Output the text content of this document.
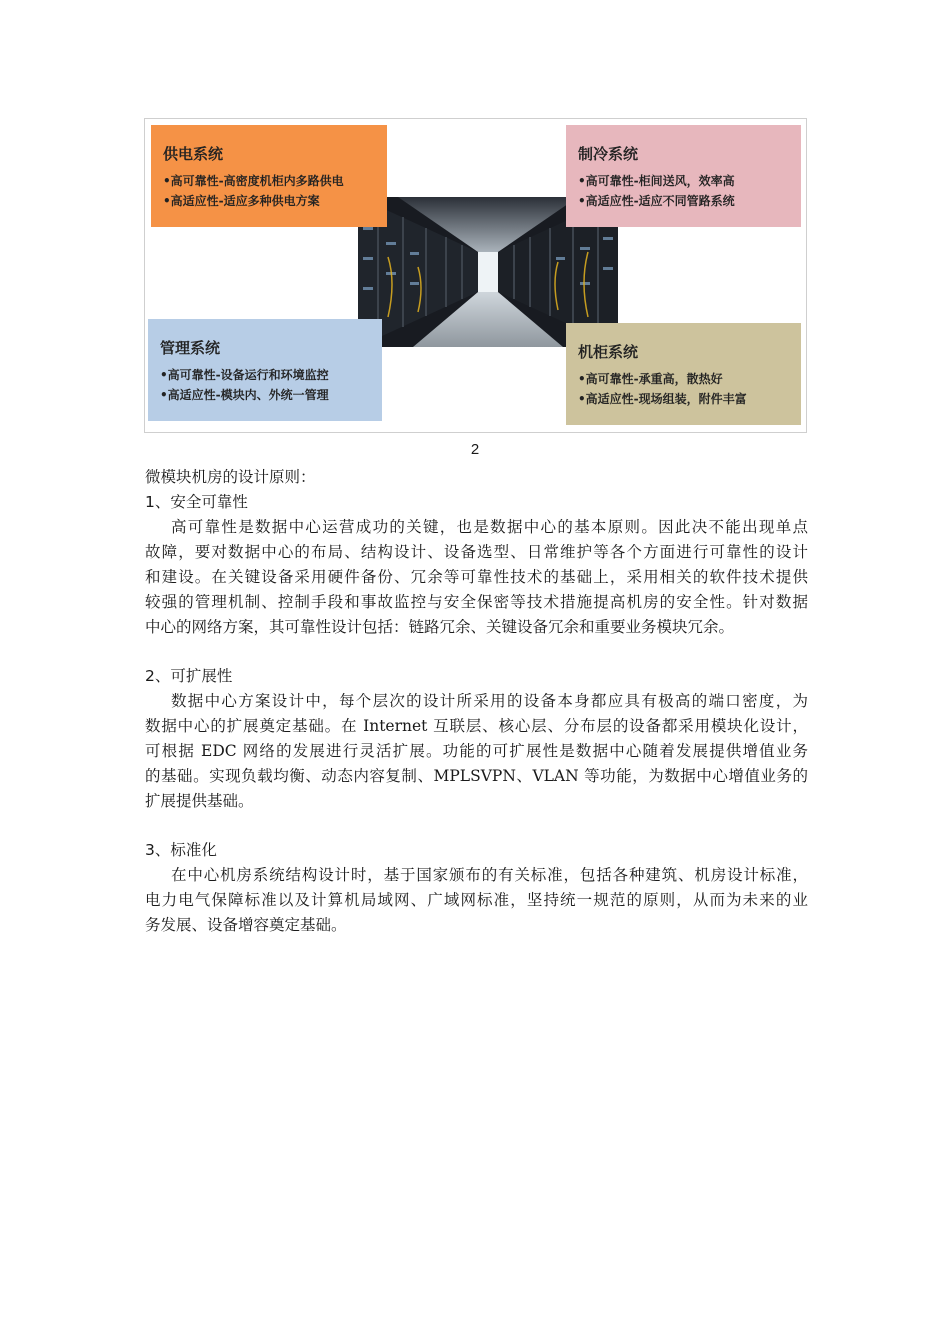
供电系统
•高可靠性-高密度机柜内多路供电
•高适应性-适应多种供电方案
制冷系统
•高可靠性-柜间送风，效率高
•高适应性-适应不同管路系统
管理系统
•高可靠性-设备运行和环境监控
•高适应性-模块内、外统一管理
机柜系统
•高可靠性-承重高，散热好
•高适应性-现场组装，附件丰富
2
微模块机房的设计原则：
1、安全可靠性
高可靠性是数据中心运营成功的关键，也是数据中心的基本原则。因此决不能出现单点
故障，要对数据中心的布局、结构设计、设备选型、日常维护等各个方面进行可靠性的设计
和建设。在关键设备采用硬件备份、冗余等可靠性技术的基础上，采用相关的软件技术提供
较强的管理机制、控制手段和事故监控与安全保密等技术措施提高机房的安全性。针对数据
中心的网络方案，其可靠性设计包括：链路冗余、关键设备冗余和重要业务模块冗余。
2、可扩展性
数据中心方案设计中，每个层次的设计所采用的设备本身都应具有极高的端口密度，为
数据中心的扩展奠定基础。在 Internet 互联层、核心层、分布层的设备都采用模块化设计，
可根据 EDC 网络的发展进行灵活扩展。功能的可扩展性是数据中心随着发展提供增值业务
的基础。实现负载均衡、动态内容复制、MPLSVPN、VLAN 等功能，为数据中心增值业务的
扩展提供基础。
3、标准化
在中心机房系统结构设计时，基于国家颁布的有关标准，包括各种建筑、机房设计标准，
电力电气保障标准以及计算机局域网、广域网标准，坚持统一规范的原则，从而为未来的业
务发展、设备增容奠定基础。
